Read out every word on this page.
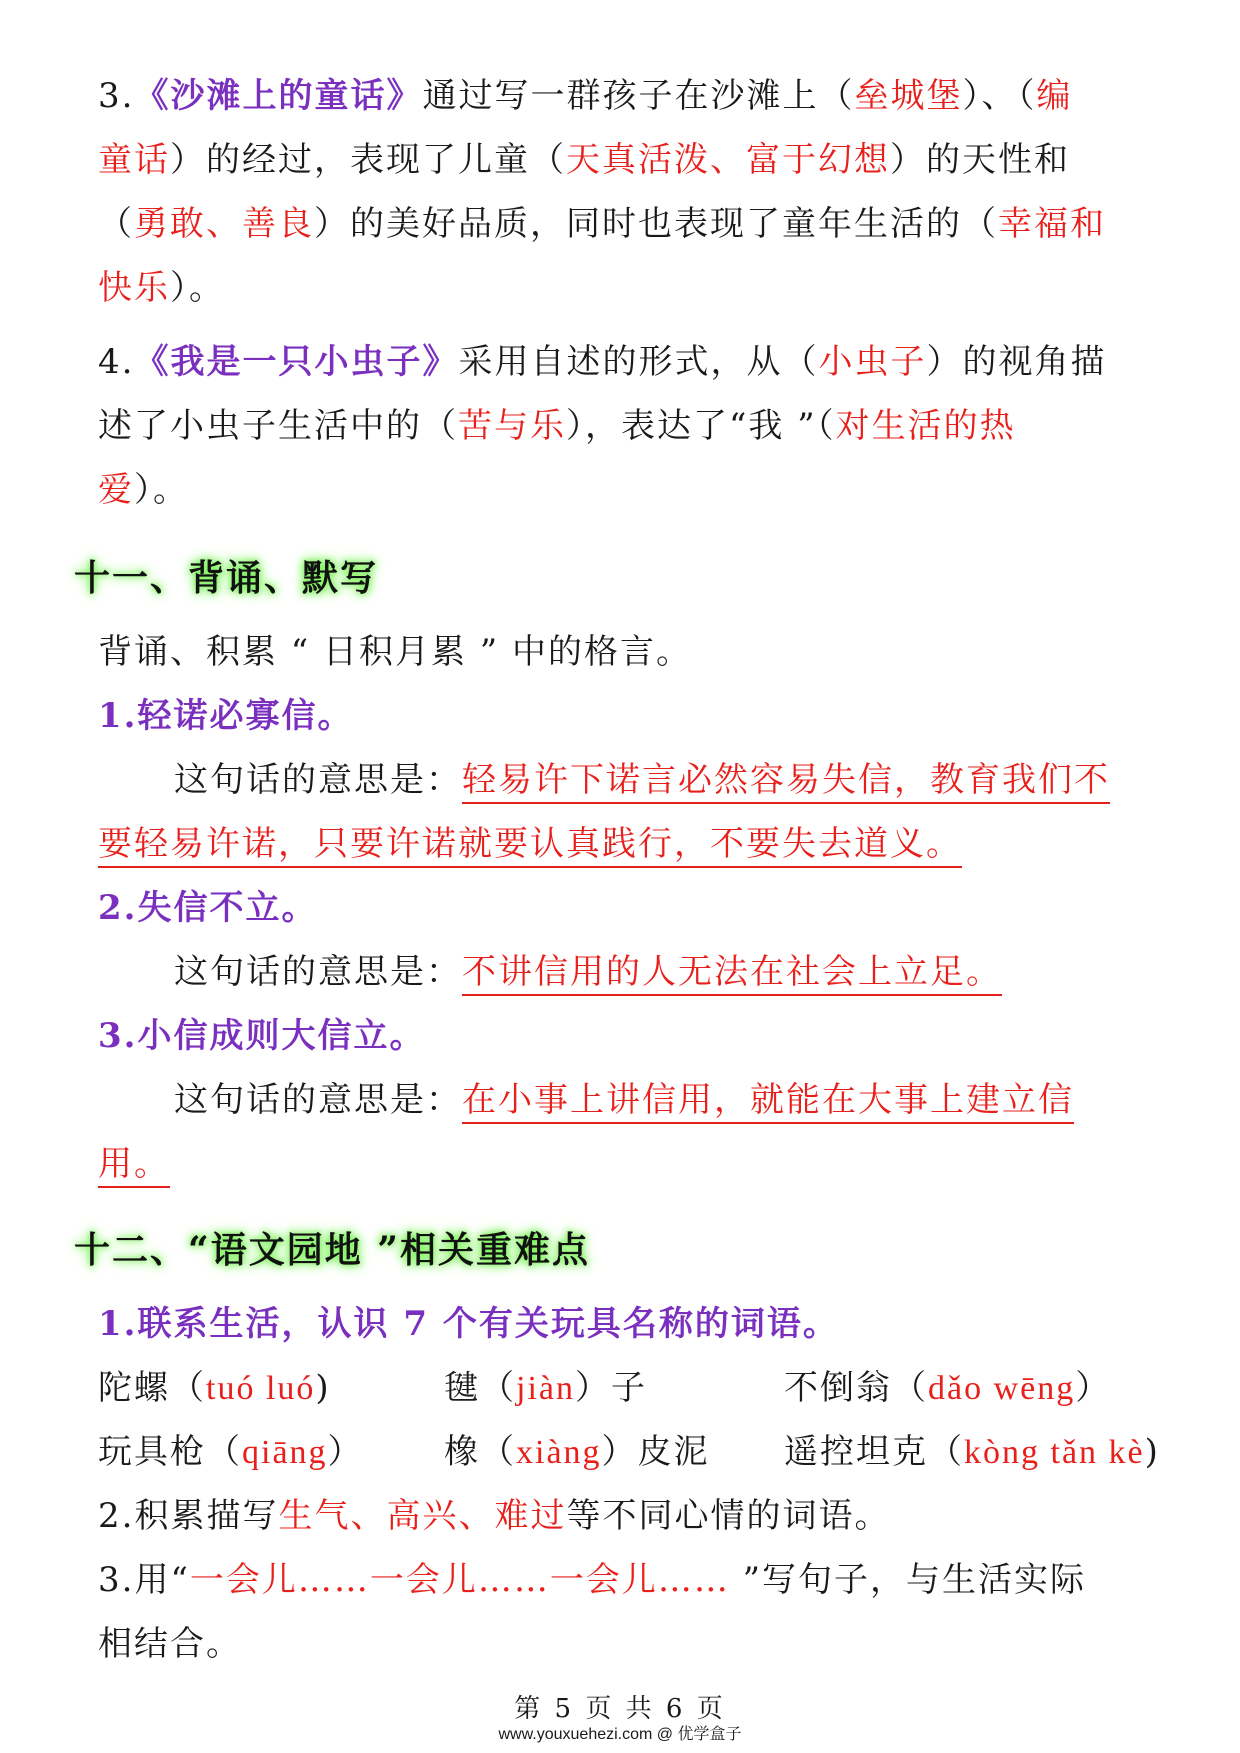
3.《沙滩上的童话》通过写一群孩子在沙滩上（垒城堡）、（编
童话）的经过，表现了儿童（天真活泼、富于幻想）的天性和
（勇敢、善良）的美好品质，同时也表现了童年生活的（幸福和
快乐）。
4.《我是一只小虫子》采用自述的形式，从（小虫子）的视角描
述了小虫子生活中的（苦与乐），表达了“我 ”（对生活的热
爱）。
十一、背诵、默写
背诵、积累 “ 日积月累 ” 中的格言。
1.轻诺必寡信。
这句话的意思是：轻易许下诺言必然容易失信，教育我们不
要轻易许诺，只要许诺就要认真践行，不要失去道义。
2.失信不立。
这句话的意思是：不讲信用的人无法在社会上立足。
3.小信成则大信立。
这句话的意思是：在小事上讲信用，就能在大事上建立信
用。
十二、“语文园地 ”相关重难点
1.联系生活，认识 7 个有关玩具名称的词语。
陀螺（tuó luó)	毽（jiàn）子	不倒翁（dǎo wēng）
玩具枪（qiāng） 橡（xiàng）皮泥 遥控坦克（kòng tǎn kè)
2.积累描写生气、高兴、难过等不同心情的词语。
3.用“一会儿……一会儿……一会儿…… ”写句子，与生活实际
相结合。
第 5 页 共 6 页
www.youxuehezi.com @ 优学盒子
